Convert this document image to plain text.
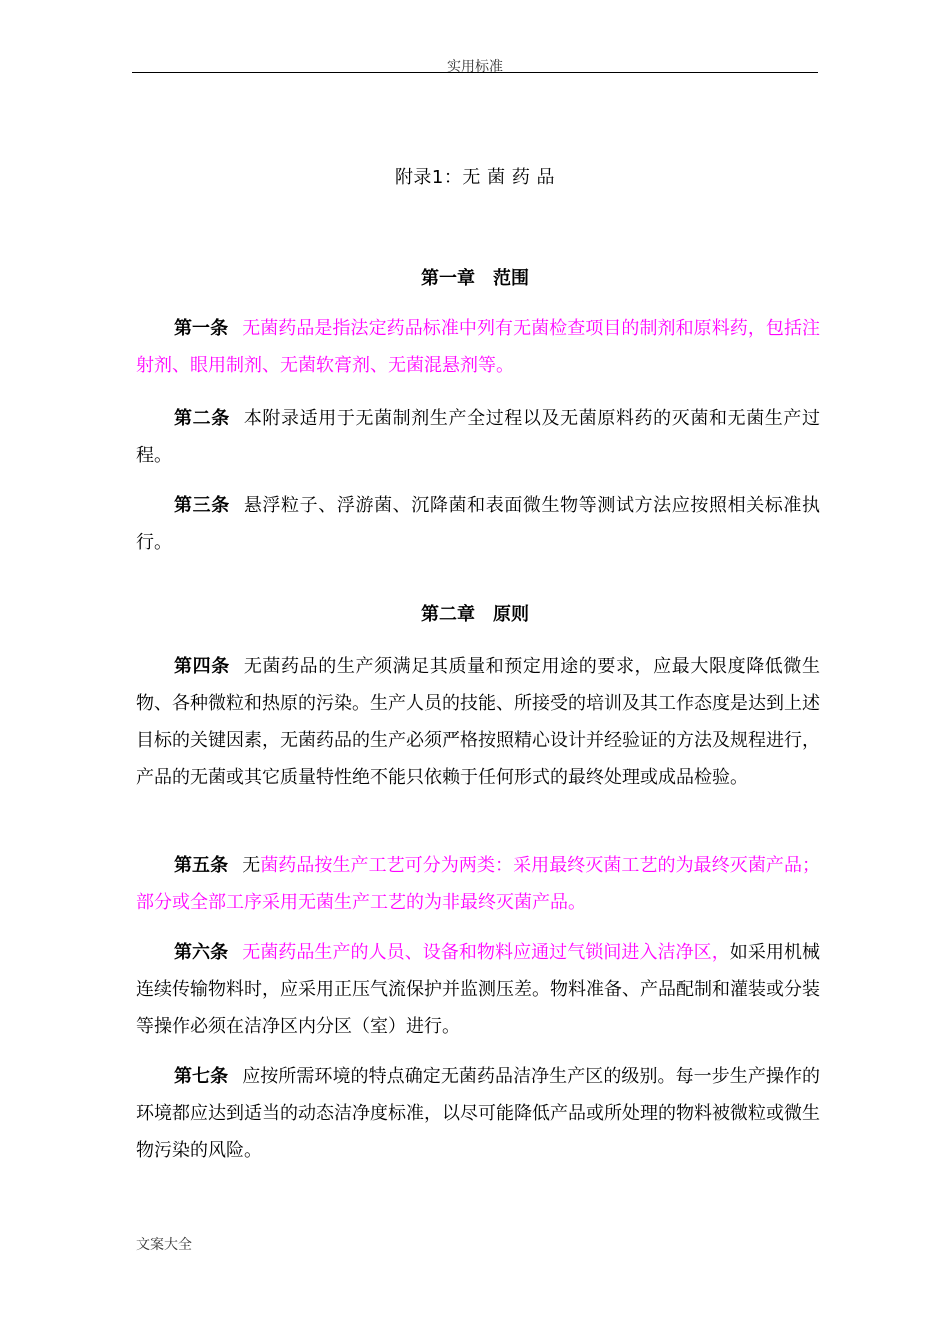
实用标准
附录1：无 菌 药 品
第一章　范围

第一条 无菌药品是指法定药品标准中列有无菌检查项目的制剂和原料药，包括注射剂、眼用制剂、无菌软膏剂、无菌混悬剂等。

第二条 本附录适用于无菌制剂生产全过程以及无菌原料药的灭菌和无菌生产过程。

第三条 悬浮粒子、浮游菌、沉降菌和表面微生物等测试方法应按照相关标准执行。

第二章　原则

第四条 无菌药品的生产须满足其质量和预定用途的要求，应最大限度降低微生物、各种微粒和热原的污染。生产人员的技能、所接受的培训及其工作态度是达到上述目标的关键因素，无菌药品的生产必须严格按照精心设计并经验证的方法及规程进行，产品的无菌或其它质量特性绝不能只依赖于任何形式的最终处理或成品检验。

第五条 无菌药品按生产工艺可分为两类：采用最终灭菌工艺的为最终灭菌产品；部分或全部工序采用无菌生产工艺的为非最终灭菌产品。

第六条 无菌药品生产的人员、设备和物料应通过气锁间进入洁净区，如采用机械连续传输物料时，应采用正压气流保护并监测压差。物料准备、产品配制和灌装或分装等操作必须在洁净区内分区（室）进行。

第七条 应按所需环境的特点确定无菌药品洁净生产区的级别。每一步生产操作的环境都应达到适当的动态洁净度标准，以尽可能降低产品或所处理的物料被微粒或微生物污染的风险。

文案大全
